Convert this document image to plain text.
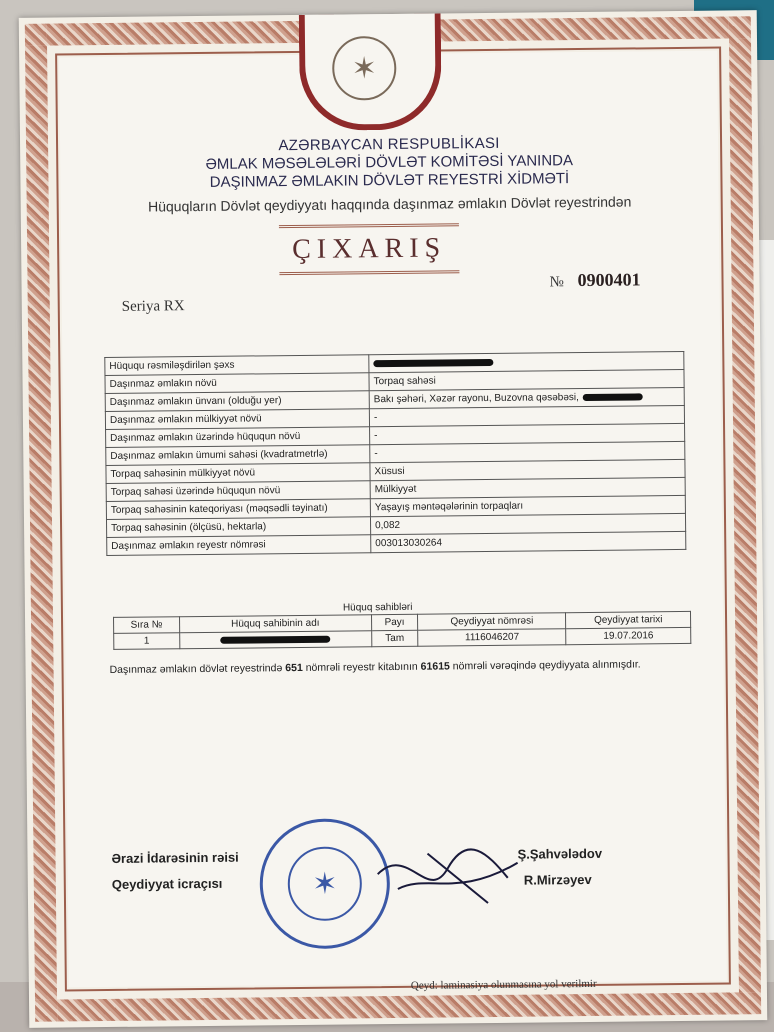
✶
AZƏRBAYCAN RESPUBLİKASI
ƏMLAK MƏSƏLƏLƏRİ DÖVLƏT KOMİTƏSİ YANINDA
DAŞINMAZ ƏMLAKIN DÖVLƏT REYESTRİ XİDMƏTİ
Hüquqların Dövlət qeydiyyatı haqqında daşınmaz əmlakın Dövlət reyestrindən
ÇIXARIŞ
№ 0900401
Seriya RX
Hüququ rəsmiləşdirilən şəxs	
Daşınmaz əmlakın növü	Torpaq sahəsi
Daşınmaz əmlakın ünvanı (olduğu yer)	Bakı şəhəri, Xəzər rayonu, Buzovna qəsəbəsi,
Daşınmaz əmlakın mülkiyyət növü	-
Daşınmaz əmlakın üzərində hüququn növü	-
Daşınmaz əmlakın ümumi sahəsi (kvadratmetrlə)	-
Torpaq sahəsinin mülkiyyət növü	Xüsusi
Torpaq sahəsi üzərində hüququn növü	Mülkiyyət
Torpaq sahəsinin kateqoriyası (məqsədli təyinatı)	Yaşayış məntəqələrinin torpaqları
Torpaq sahəsinin (ölçüsü, hektarla)	0,082
Daşınmaz əmlakın reyestr nömrəsi	003013030264
Hüquq sahibləri
Sıra №	Hüquq sahibinin adı	Payı	Qeydiyyat nömrəsi	Qeydiyyat tarixi
1		Tam	1116046207	19.07.2016
Daşınmaz əmlakın dövlət reyestrində 651 nömrəli reyestr kitabının 61615 nömrəli vərəqində qeydiyyata alınmışdır.
Ərazi İdarəsinin rəisi	Ş.Şahvələdov
Qeydiyyat icraçısı	R.Mirzəyev
✶
Qeyd: laminasiya olunmasına yol verilmir
